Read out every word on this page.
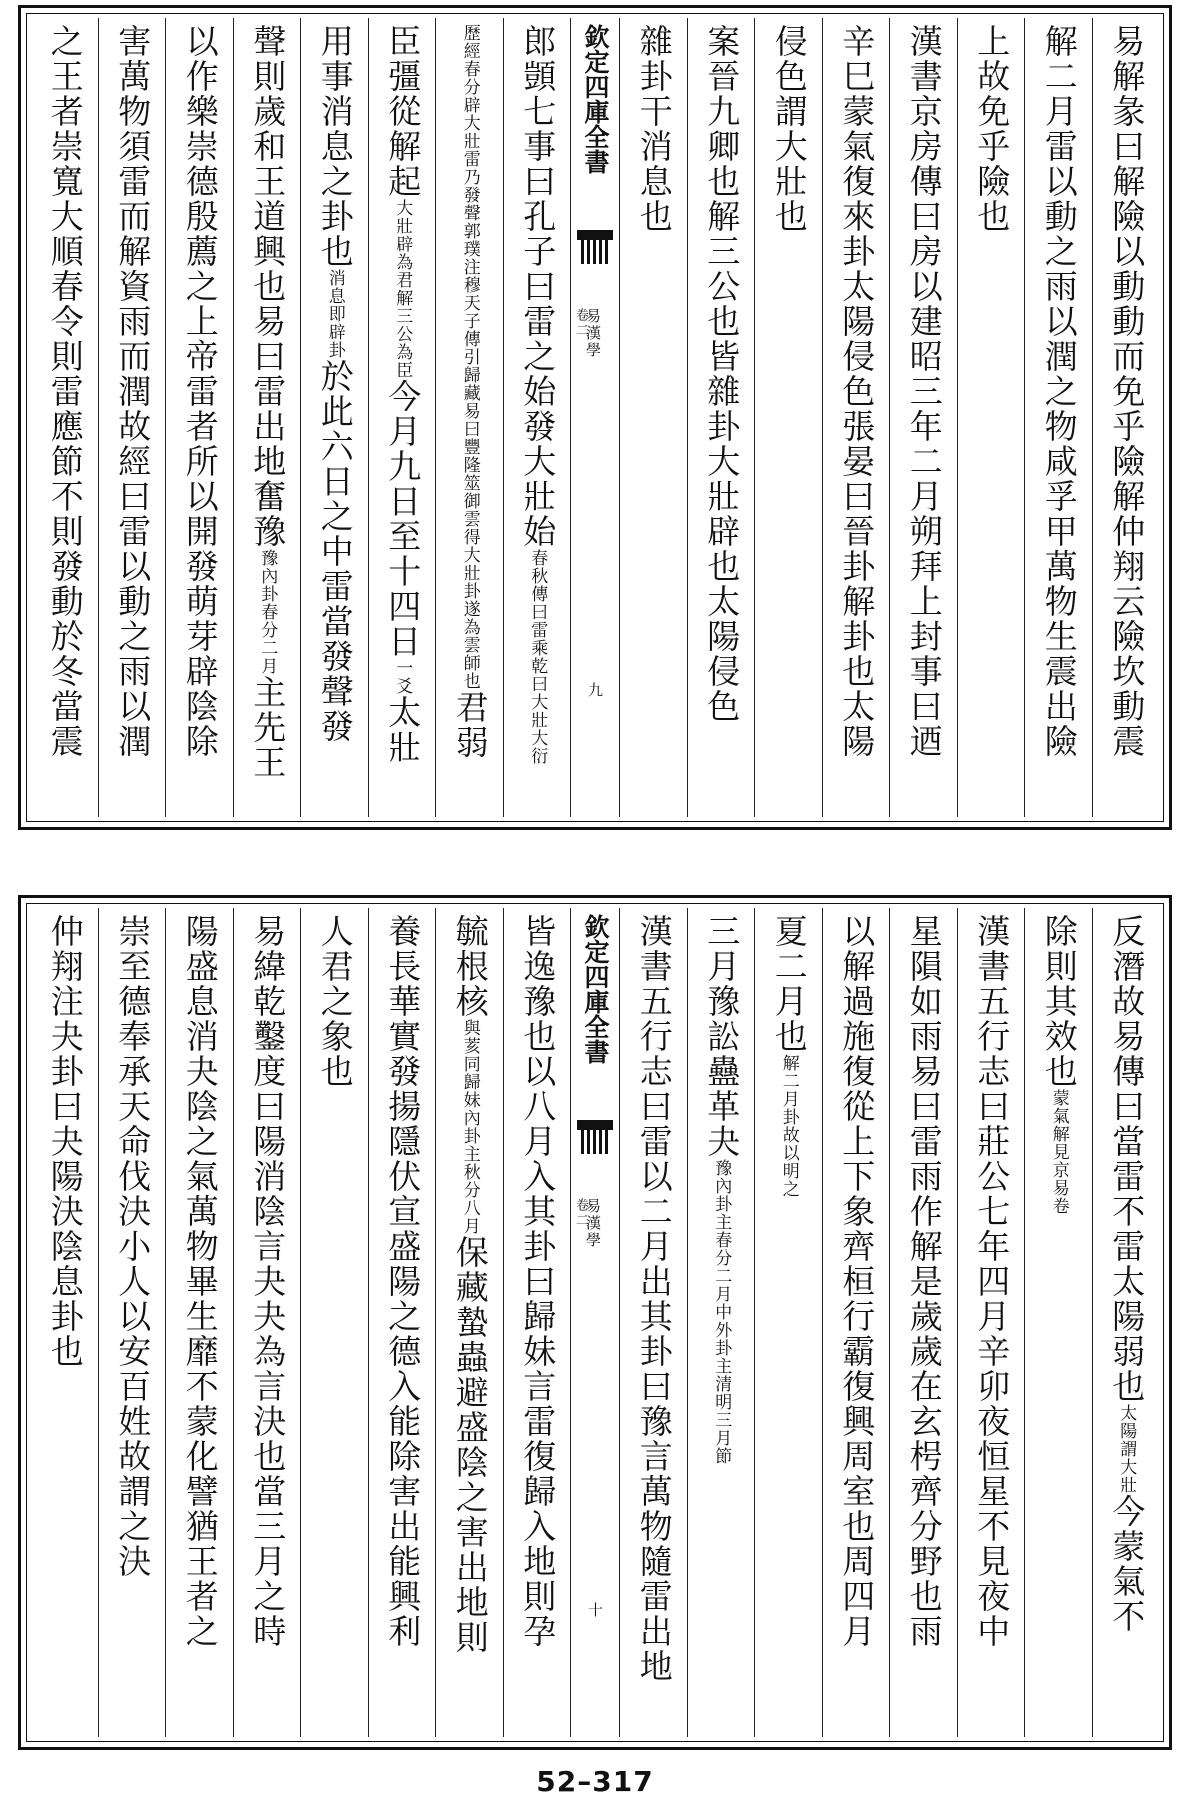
易解彖曰解險以動動而免乎險解仲翔云險坎動震
解二月雷以動之雨以潤之物咸孚甲萬物生震出險
上故免乎險也
漢書京房傳曰房以建昭三年二月朔拜上封事曰迺
辛巳蒙氣復來卦太陽侵色張晏曰晉卦解卦也太陽
侵色謂大壯也
案晉九卿也解三公也皆雜卦大壯辟也太陽侵色
雜卦干消息也
欽定四庫全書
易漢學
卷二
九
郎顗七事曰孔子曰雷之始發大壯始春秋傳曰雷乘乾曰大壯大衍
歷經春分辟大壯雷乃發聲郭璞注穆天子傳引歸藏易曰豐隆筮御雲得大壯卦遂為雲師也君弱
臣彊從解起大壯辟為君解三公為臣今月九日至十四日一爻太壯
用事消息之卦也消息即辟卦於此六日之中雷當發聲發
聲則歲和王道興也易曰雷出地奮豫豫內卦春分二月主先王
以作樂崇德殷薦之上帝雷者所以開發萌芽辟陰除
害萬物須雷而解資雨而潤故經曰雷以動之雨以潤
之王者崇寬大順春令則雷應節不則發動於冬當震
反潛故易傳曰當雷不雷太陽弱也太陽謂大壯今蒙氣不
除則其效也蒙氣解見京易卷
漢書五行志曰莊公七年四月辛卯夜恒星不見夜中
星隕如雨易曰雷雨作解是歲歲在玄枵齊分野也雨
以解過施復從上下象齊桓行霸復興周室也周四月
夏二月也解二月卦故以明之
三月豫訟蠱革夬豫內卦主春分二月中外卦主清明三月節
漢書五行志曰雷以二月出其卦曰豫言萬物隨雷出地
欽定四庫全書
易漢學
卷二
十
皆逸豫也以八月入其卦曰歸妹言雷復歸入地則孕
毓根核與荄同歸妹內卦主秋分八月保藏蟄蟲避盛陰之害出地則
養長華實發揚隱伏宣盛陽之德入能除害出能興利
人君之象也
易緯乾鑿度曰陽消陰言夬夬為言決也當三月之時
陽盛息消夬陰之氣萬物畢生靡不蒙化譬猶王者之
崇至德奉承天命伐決小人以安百姓故謂之決
仲翔注夬卦曰夬陽決陰息卦也
52–317
